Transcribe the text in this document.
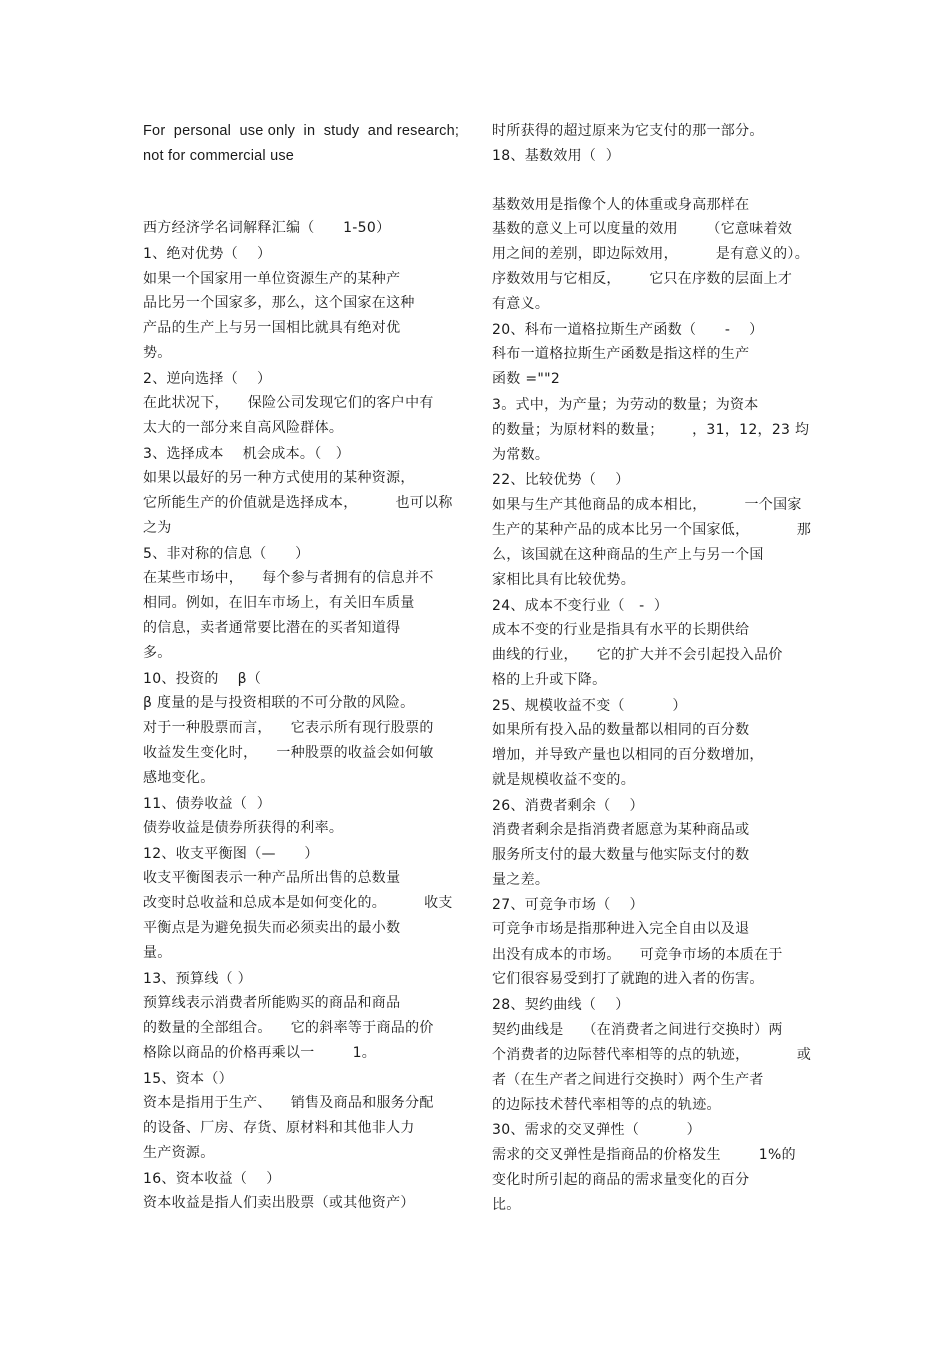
For  personal  use only  in  study  and research;
not for commercial use
西方经济学名词解释汇编（      1-50）
1、绝对优势（    ）
如果一个国家用一单位资源生产的某种产
品比另一个国家多，那么，这个国家在这种
产品的生产上与另一国相比就具有绝对优
势。
2、逆向选择（    ）
在此状况下，    保险公司发现它们的客户中有
太大的一部分来自高风险群体。
3、选择成本    机会成本。（   ）
如果以最好的另一种方式使用的某种资源，
它所能生产的价值就是选择成本，        也可以称
之为
5、非对称的信息（      ）
在某些市场中，    每个参与者拥有的信息并不
相同。例如，在旧车市场上，有关旧车质量
的信息，卖者通常要比潜在的买者知道得
多。
10、投资的    β（
β 度量的是与投资相联的不可分散的风险。
对于一种股票而言，    它表示所有现行股票的
收益发生变化时，    一种股票的收益会如何敏
感地变化。
11、债券收益（  ）
债券收益是债券所获得的利率。
12、收支平衡图（—      ）
收支平衡图表示一种产品所出售的总数量
改变时总收益和总成本是如何变化的。        收支
平衡点是为避免损失而必须卖出的最小数
量。
13、预算线（ ）
预算线表示消费者所能购买的商品和商品
的数量的全部组合。    它的斜率等于商品的价
格除以商品的价格再乘以一        1。
15、资本（）
资本是指用于生产、    销售及商品和服务分配
的设备、厂房、存货、原材料和其他非人力
生产资源。
16、资本收益（    ）
资本收益是指人们卖出股票（或其他资产）
时所获得的超过原来为它支付的那一部分。
18、基数效用（  ）
基数效用是指像个人的体重或身高那样在
基数的意义上可以度量的效用      （它意味着效
用之间的差别，即边际效用，        是有意义的）。
序数效用与它相反，      它只在序数的层面上才
有意义。
20、科布一道格拉斯生产函数（      -    ）
科布一道格拉斯生产函数是指这样的生产
函数 =""2
3。式中，为产量；为劳动的数量；为资本
的数量；为原材料的数量；      ，31，12，23 均
为常数。
22、比较优势（    ）
如果与生产其他商品的成本相比，        一个国家
生产的某种产品的成本比另一个国家低，          那
么，该国就在这种商品的生产上与另一个国
家相比具有比较优势。
24、成本不变行业（   -  ）
成本不变的行业是指具有水平的长期供给
曲线的行业，    它的扩大并不会引起投入品价
格的上升或下降。
25、规模收益不变（          ）
如果所有投入品的数量都以相同的百分数
增加，并导致产量也以相同的百分数增加，
就是规模收益不变的。
26、消费者剩余（    ）
消费者剩余是指消费者愿意为某种商品或
服务所支付的最大数量与他实际支付的数
量之差。
27、可竞争市场（    ）
可竞争市场是指那种进入完全自由以及退
出没有成本的市场。    可竞争市场的本质在于
它们很容易受到打了就跑的进入者的伤害。
28、契约曲线（    ）
契约曲线是    （在消费者之间进行交换时）两
个消费者的边际替代率相等的点的轨迹，          或
者（在生产者之间进行交换时）两个生产者
的边际技术替代率相等的点的轨迹。
30、需求的交叉弹性（          ）
需求的交叉弹性是指商品的价格发生        1%的
变化时所引起的商品的需求量变化的百分
比。
